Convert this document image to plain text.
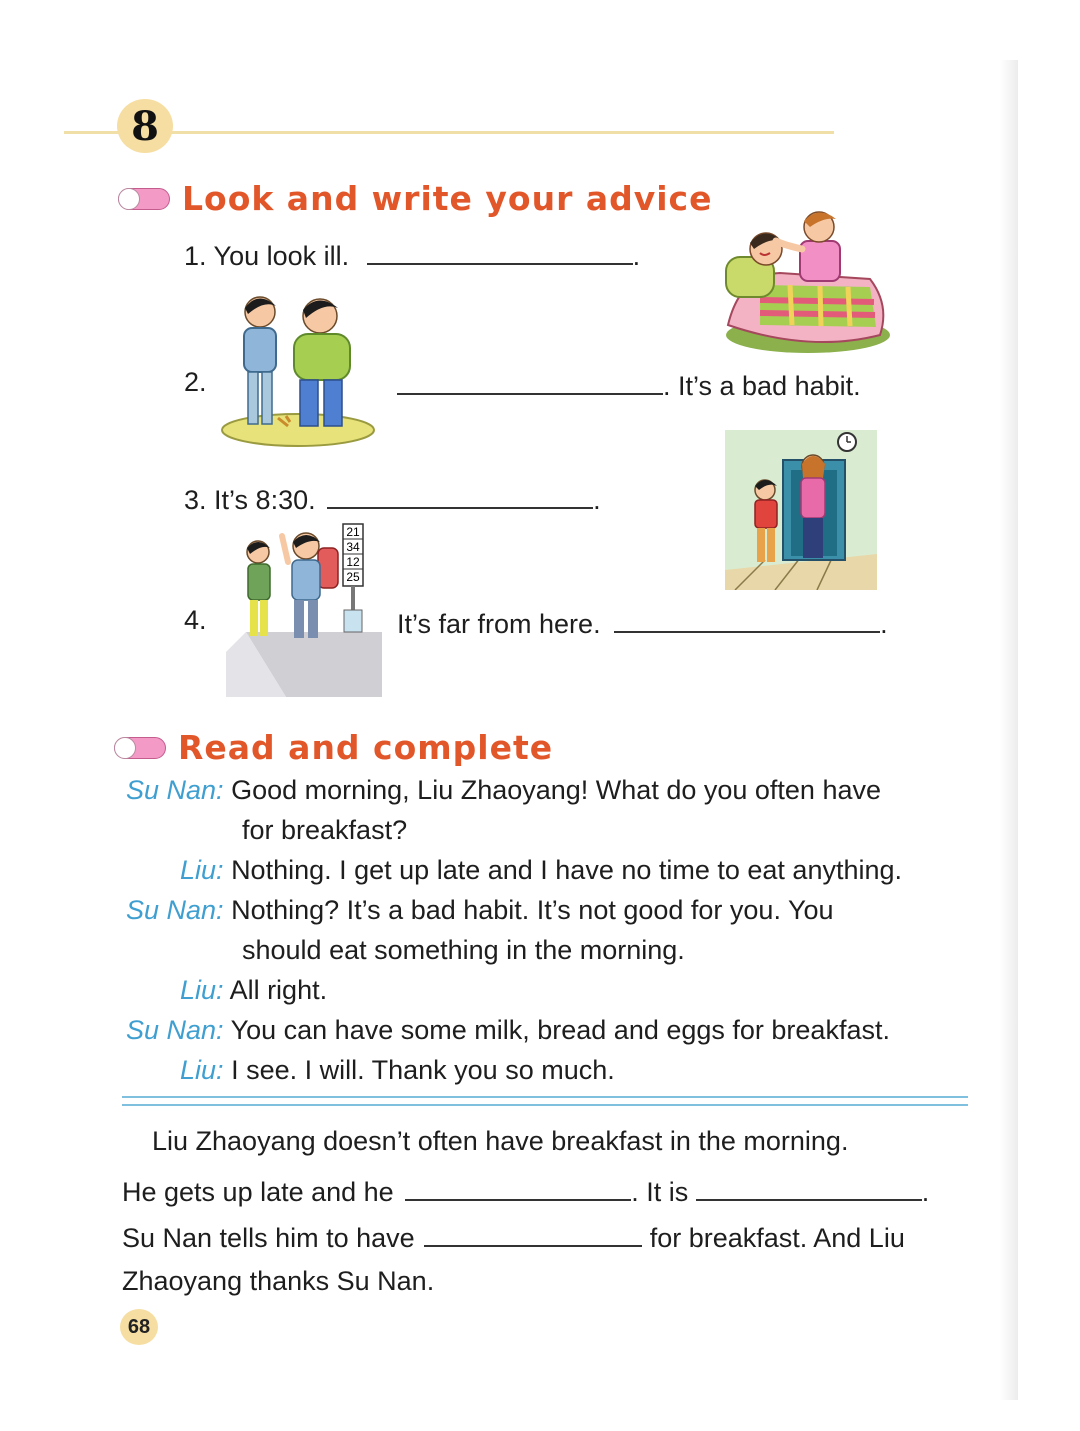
8
Look and write your advice
1. You look ill.	.
2.	. It’s a bad habit.
3. It’s 8:30.	.
4.	It’s far from here.	.
21
34
12
25
Read and complete
Su Nan: Good morning, Liu Zhaoyang! What do you often have
for breakfast?
Liu: Nothing. I get up late and I have no time to eat anything.
Su Nan: Nothing? It’s a bad habit. It’s not good for you. You
should eat something in the morning.
Liu: All right.
Su Nan: You can have some milk, bread and eggs for breakfast.
Liu: I see. I will. Thank you so much.
Liu Zhaoyang doesn’t often have breakfast in the morning.
He gets up late and he	. It is	.
Su Nan tells him to have	for breakfast. And Liu
Zhaoyang thanks Su Nan.
68
